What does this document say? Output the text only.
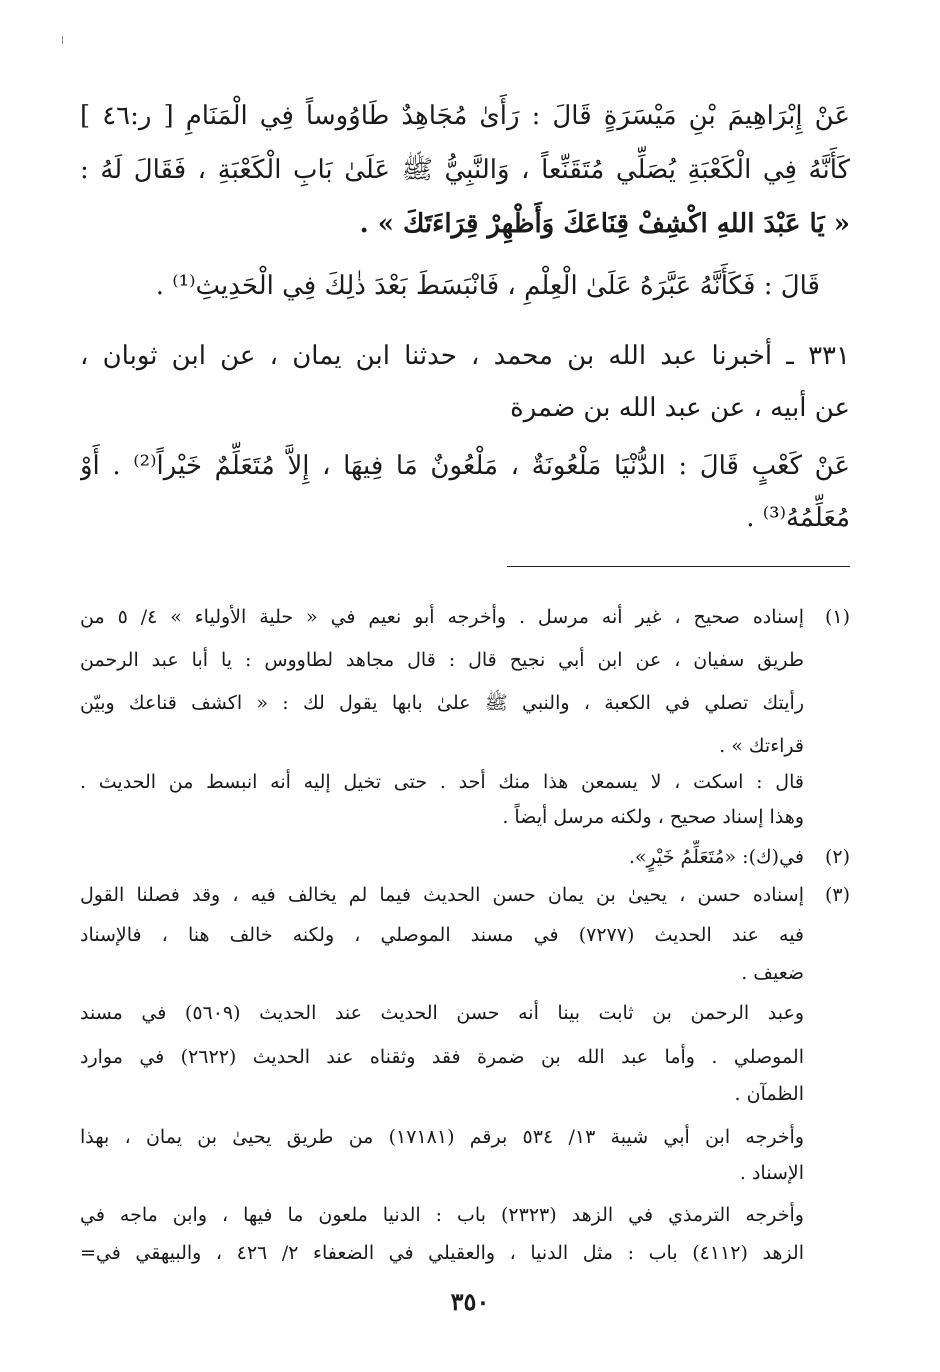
عَنْ إِبْرَاهِيمَ بْنِ مَيْسَرَةٍ قَالَ : رَأَىٰ مُجَاهِدٌ طَاوُوساً فِي الْمَنَامِ [ ر:٤٦ ]
كَأَنَّهُ فِي الْكَعْبَةِ يُصَلِّي مُتَقَنِّعاً ، وَالنَّبِيُّ ﷺ عَلَىٰ بَابِ الْكَعْبَةِ ، فَقَالَ لَهُ :
« يَا عَبْدَ اللهِ اكْشِفْ قِنَاعَكَ وَأَظْهِرْ قِرَاءَتَكَ » .
قَالَ : فَكَأَنَّهُ عَبَّرَهُ عَلَىٰ الْعِلْمِ ، فَانْبَسَطَ بَعْدَ ذٰلِكَ فِي الْحَدِيثِ⁽¹⁾ .
٣٣١ ـ أخبرنا عبد الله بن محمد ، حدثنا ابن يمان ، عن ابن ثوبان ،
عن أبيه ، عن عبد الله بن ضمرة
عَنْ كَعْبٍ قَالَ : الدُّنْيَا مَلْعُونَةٌ ، مَلْعُونٌ مَا فِيهَا ، إِلاَّ مُتَعَلِّمٌ خَيْراً⁽²⁾ . أَوْ
مُعَلِّمُهُ⁽³⁾ .
(١)
إسناده صحيح ، غير أنه مرسل . وأخرجه أبو نعيم في « حلية الأولياء » ٤/ ٥ من
طريق سفيان ، عن ابن أبي نجيح قال : قال مجاهد لطاووس : يا أبا عبد الرحمن
رأيتك تصلي في الكعبة ، والنبي ﷺ علىٰ بابها يقول لك : « اكشف قناعك وبيّن
قراءتك » .
قال : اسكت ، لا يسمعن هذا منك أحد . حتى تخيل إليه أنه انبسط من الحديث .
وهذا إسناد صحيح ، ولكنه مرسل أيضاً .
(٢)
في(ك): «مُتَعَلِّمُ خَيْرٍ».
(٣)
إسناده حسن ، يحيىٰ بن يمان حسن الحديث فيما لم يخالف فيه ، وقد فصلنا القول
فيه عند الحديث (٧٢٧٧) في مسند الموصلي ، ولكنه خالف هنا ، فالإسناد
ضعيف .
وعبد الرحمن بن ثابت بينا أنه حسن الحديث عند الحديث (٥٦٠٩) في مسند
الموصلي . وأما عبد الله بن ضمرة فقد وثقناه عند الحديث (٢٦٢٢) في موارد
الظمآن .
وأخرجه ابن أبي شيبة ١٣/ ٥٣٤ برقم (١٧١٨١) من طريق يحيىٰ بن يمان ، بهذا
الإسناد .
وأخرجه الترمذي في الزهد (٢٣٢٣) باب : الدنيا ملعون ما فيها ، وابن ماجه في
الزهد (٤١١٢) باب : مثل الدنيا ، والعقيلي في الضعفاء ٢/ ٤٢٦ ، والبيهقي في=
٣٥٠
